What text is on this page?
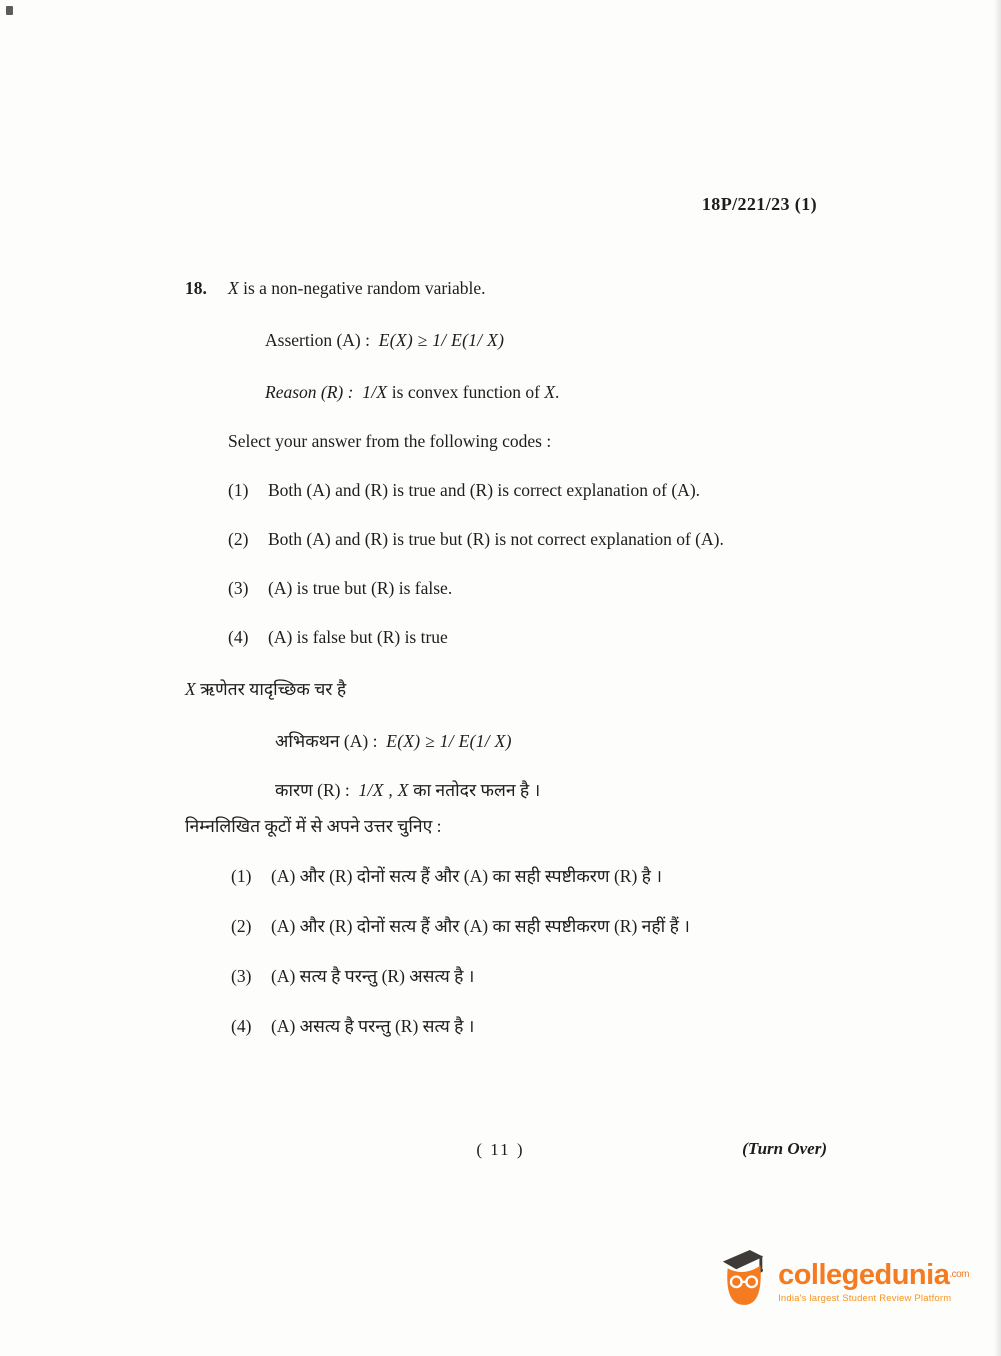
18P/221/23 (1)
18.	X is a non-negative random variable.
Assertion (A) : E(X) ≥ 1/ E(1/ X)
Reason (R) : 1/X is convex function of X.
Select your answer from the following codes :
(1)	Both (A) and (R) is true and (R) is correct explanation of (A).
(2)	Both (A) and (R) is true but (R) is not correct explanation of (A).
(3)	(A) is true but (R) is false.
(4)	(A) is false but (R) is true
X ऋणेतर यादृच्छिक चर है
अभिकथन (A) : E(X) ≥ 1/ E(1/ X)
कारण (R) : 1/X , X का नतोदर फलन है ।
निम्नलिखित कूटों में से अपने उत्तर चुनिए :
(1)	(A) और (R) दोनों सत्य हैं और (A) का सही स्पष्टीकरण (R) है ।
(2)	(A) और (R) दोनों सत्य हैं और (A) का सही स्पष्टीकरण (R) नहीं हैं ।
(3)	(A) सत्य है परन्तु (R) असत्य है ।
(4)	(A) असत्य है परन्तु (R) सत्य है ।
( 11 )	(Turn Over)
collegedunia$^{.com}$
India's largest Student Review Platform
